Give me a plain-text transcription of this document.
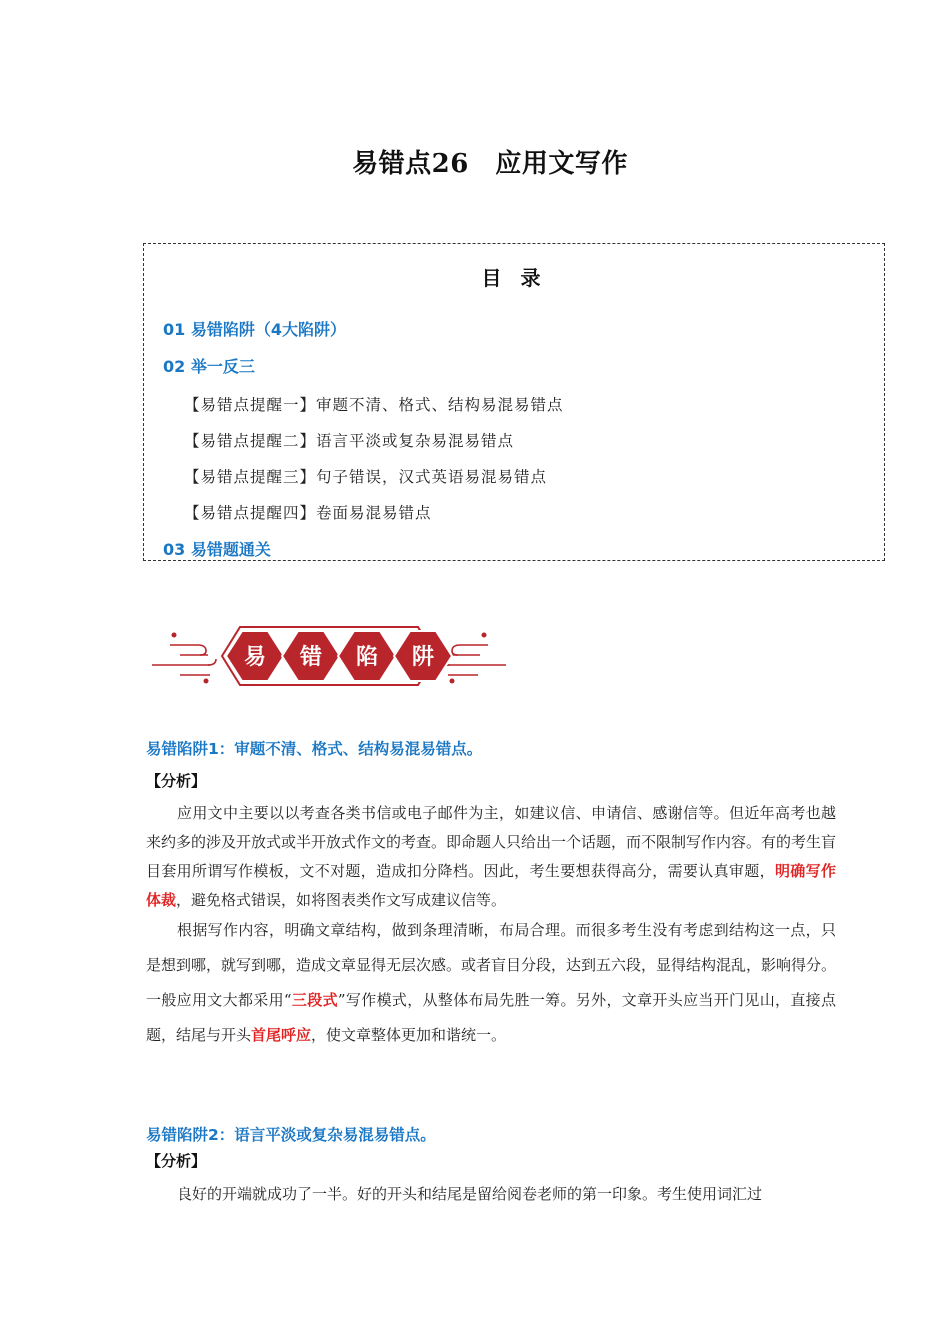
易错点26　应用文写作
目 录
01 易错陷阱（4大陷阱）
02 举一反三
【易错点提醒一】审题不清、格式、结构易混易错点
【易错点提醒二】语言平淡或复杂易混易错点
【易错点提醒三】句子错误，汉式英语易混易错点
【易错点提醒四】卷面易混易错点
03 易错题通关
易 错 陷 阱
易错陷阱1：审题不清、格式、结构易混易错点。
【分析】
应用文中主要以以考查各类书信或电子邮件为主，如建议信、申请信、感谢信等。但近年高考也越来约多的涉及开放式或半开放式作文的考查。即命题人只给出一个话题，而不限制写作内容。有的考生盲目套用所谓写作模板，文不对题，造成扣分降档。因此，考生要想获得高分，需要认真审题，明确写作体裁，避免格式错误，如将图表类作文写成建议信等。
根据写作内容，明确文章结构，做到条理清晰，布局合理。而很多考生没有考虑到结构这一点，只是想到哪，就写到哪，造成文章显得无层次感。或者盲目分段，达到五六段，显得结构混乱，影响得分。一般应用文大都采用“三段式”写作模式，从整体布局先胜一筹。另外，文章开头应当开门见山，直接点题，结尾与开头首尾呼应，使文章整体更加和谐统一。
易错陷阱2：语言平淡或复杂易混易错点。
【分析】
良好的开端就成功了一半。好的开头和结尾是留给阅卷老师的第一印象。考生使用词汇过
